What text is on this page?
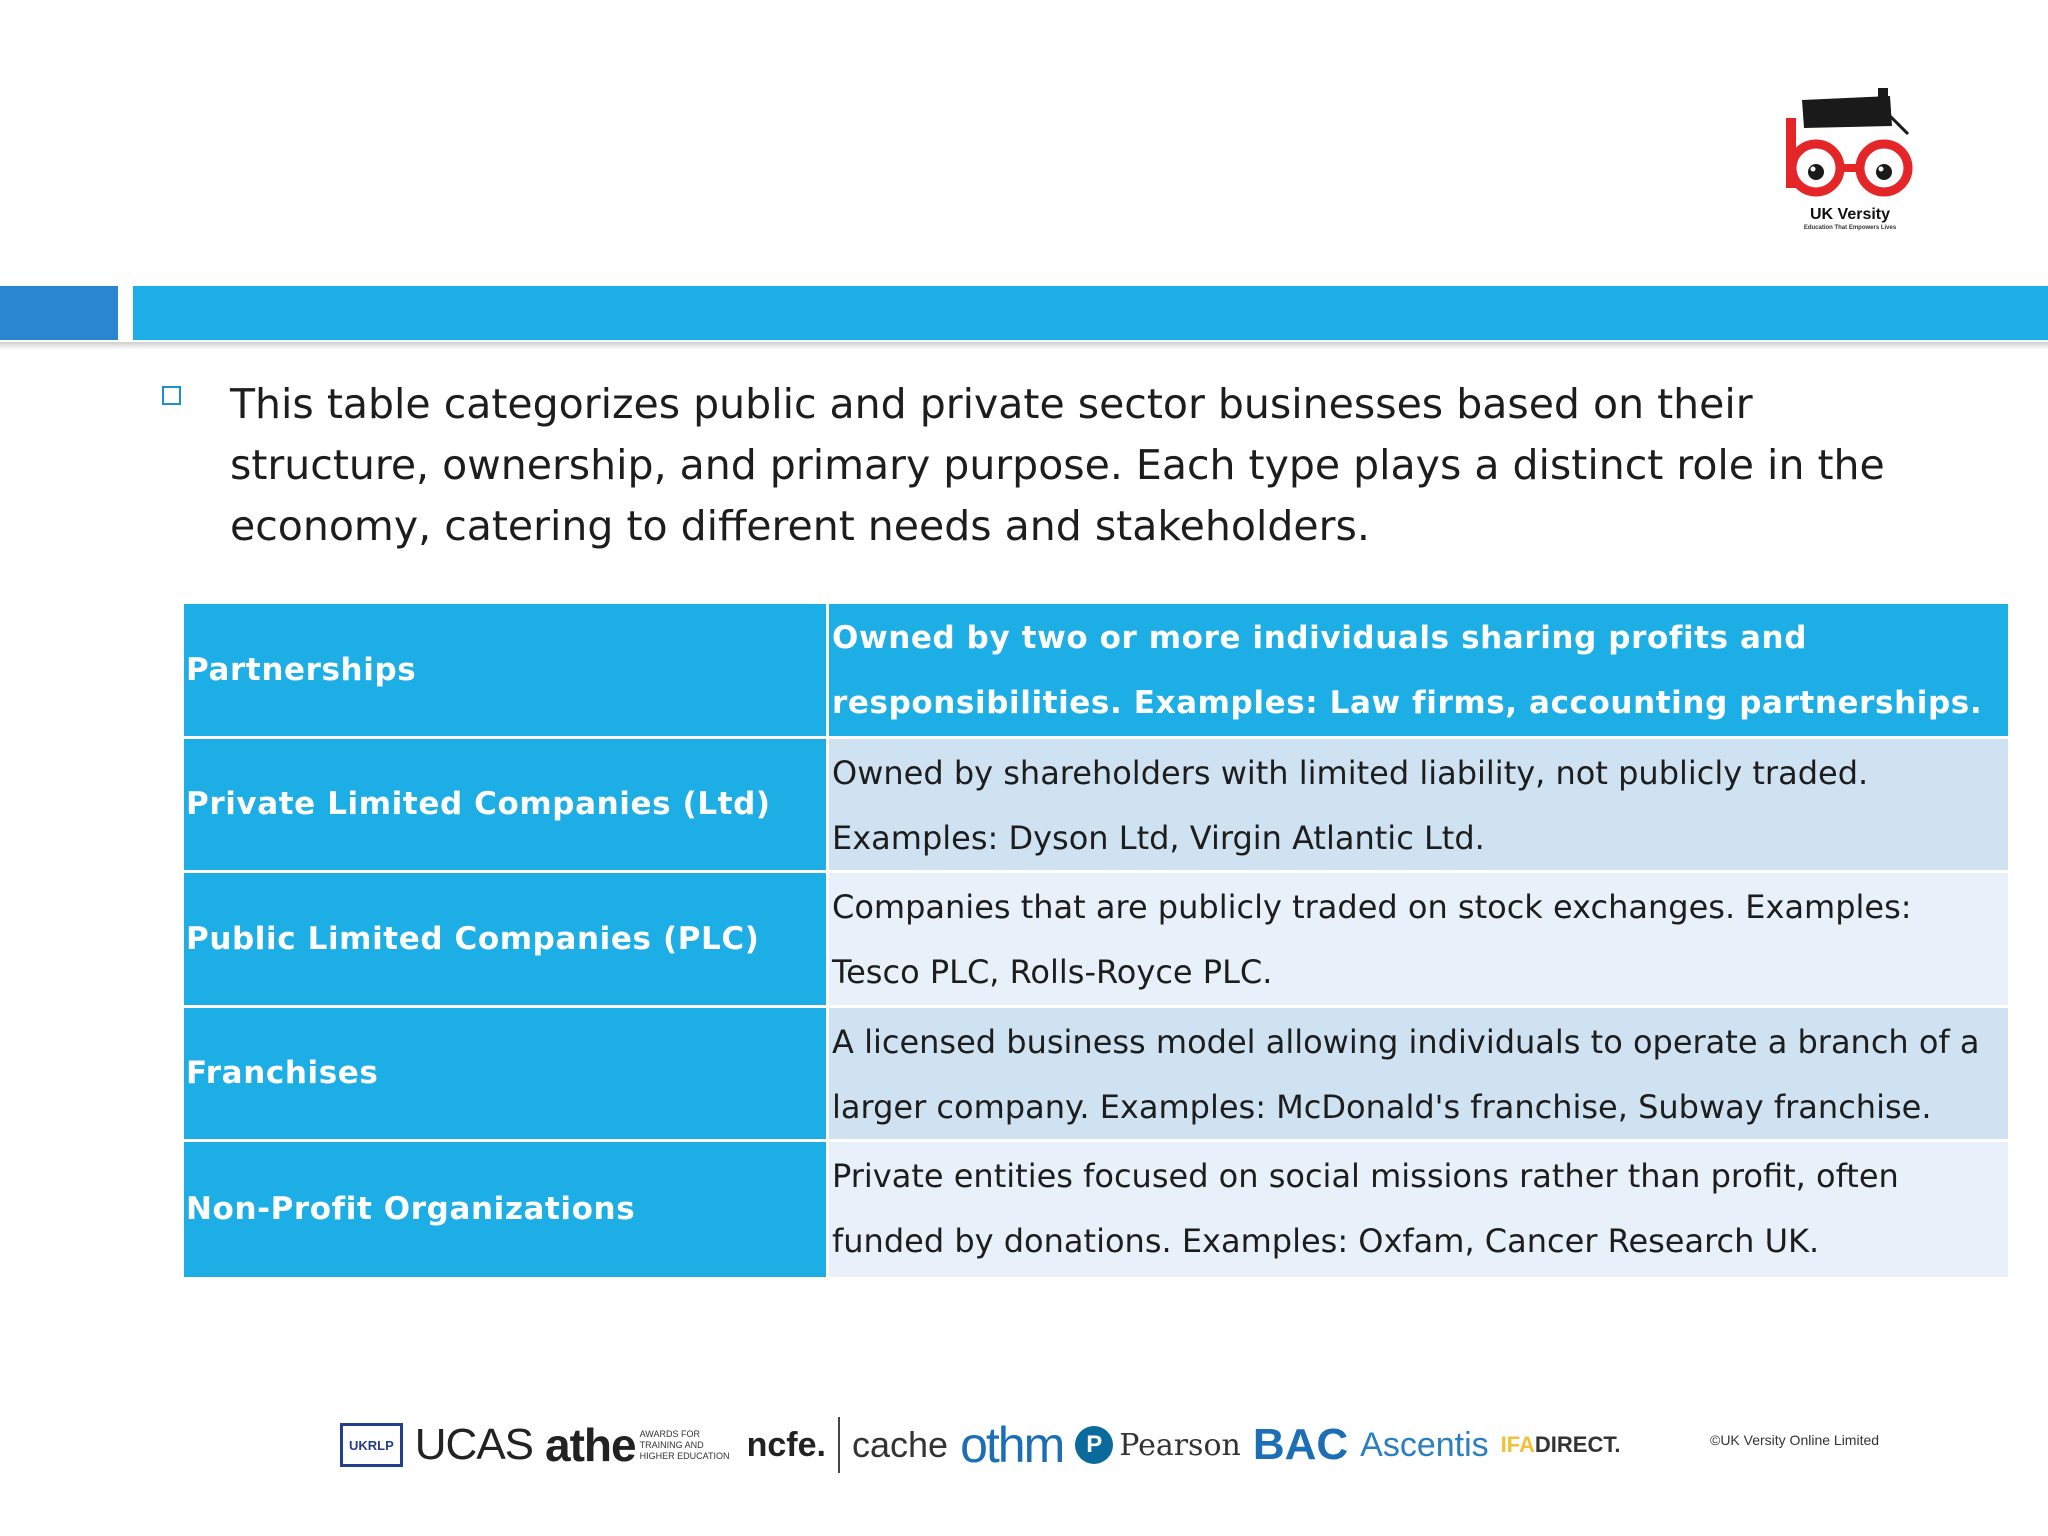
UK Versity
Education That Empowers Lives

This table categorizes public and private sector businesses based on their structure, ownership, and primary purpose. Each type plays a distinct role in the economy, catering to different needs and stakeholders.

Partnerships
Owned by two or more individuals sharing profits and responsibilities. Examples: Law firms, accounting partnerships.
Private Limited Companies (Ltd)
Owned by shareholders with limited liability, not publicly traded. Examples: Dyson Ltd, Virgin Atlantic Ltd.
Public Limited Companies (PLC)
Companies that are publicly traded on stock exchanges. Examples: Tesco PLC, Rolls-Royce PLC.
Franchises
A licensed business model allowing individuals to operate a branch of a larger company. Examples: McDonald's franchise, Subway franchise.
Non-Profit Organizations
Private entities focused on social missions rather than profit, often funded by donations. Examples: Oxfam, Cancer Research UK.
UKRLP UCAS athe AWARDS FOR TRAINING AND HIGHER EDUCATION ncfe. cache othm P Pearson BAC Ascentis IFA DIRECT.	©UK Versity Online Limited
